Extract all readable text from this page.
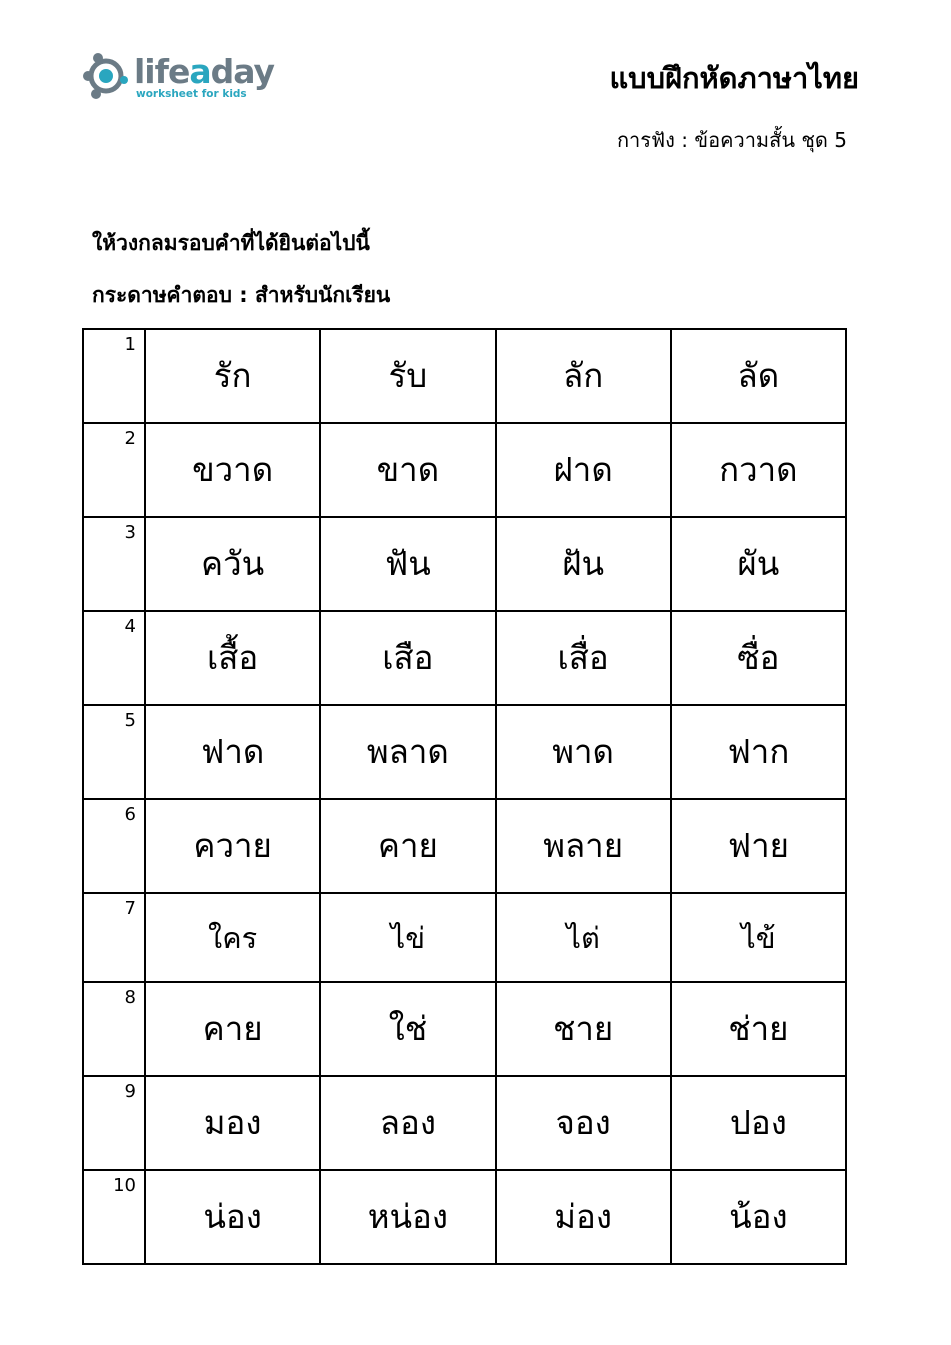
lifeaday
worksheet for kids	แบบฝึกหัดภาษาไทย
การฟัง : ข้อความสั้น ชุด 5
ให้วงกลมรอบคำที่ได้ยินต่อไปนี้
กระดาษคำตอบ : สำหรับนักเรียน
1	รัก	รับ	ลัก	ลัด
2	ขวาด	ขาด	ฝาด	กวาด
3	ควัน	ฟัน	ฝัน	ผัน
4	เสื้อ	เสือ	เสื่อ	ซื่อ
5	ฟาด	พลาด	พาด	ฟาก
6	ควาย	คาย	พลาย	ฟาย
7	ใคร	ไข่	ไต่	ไข้
8	คาย	ใช่	ชาย	ช่าย
9	มอง	ลอง	จอง	ปอง
10	น่อง	หน่อง	ม่อง	น้อง
